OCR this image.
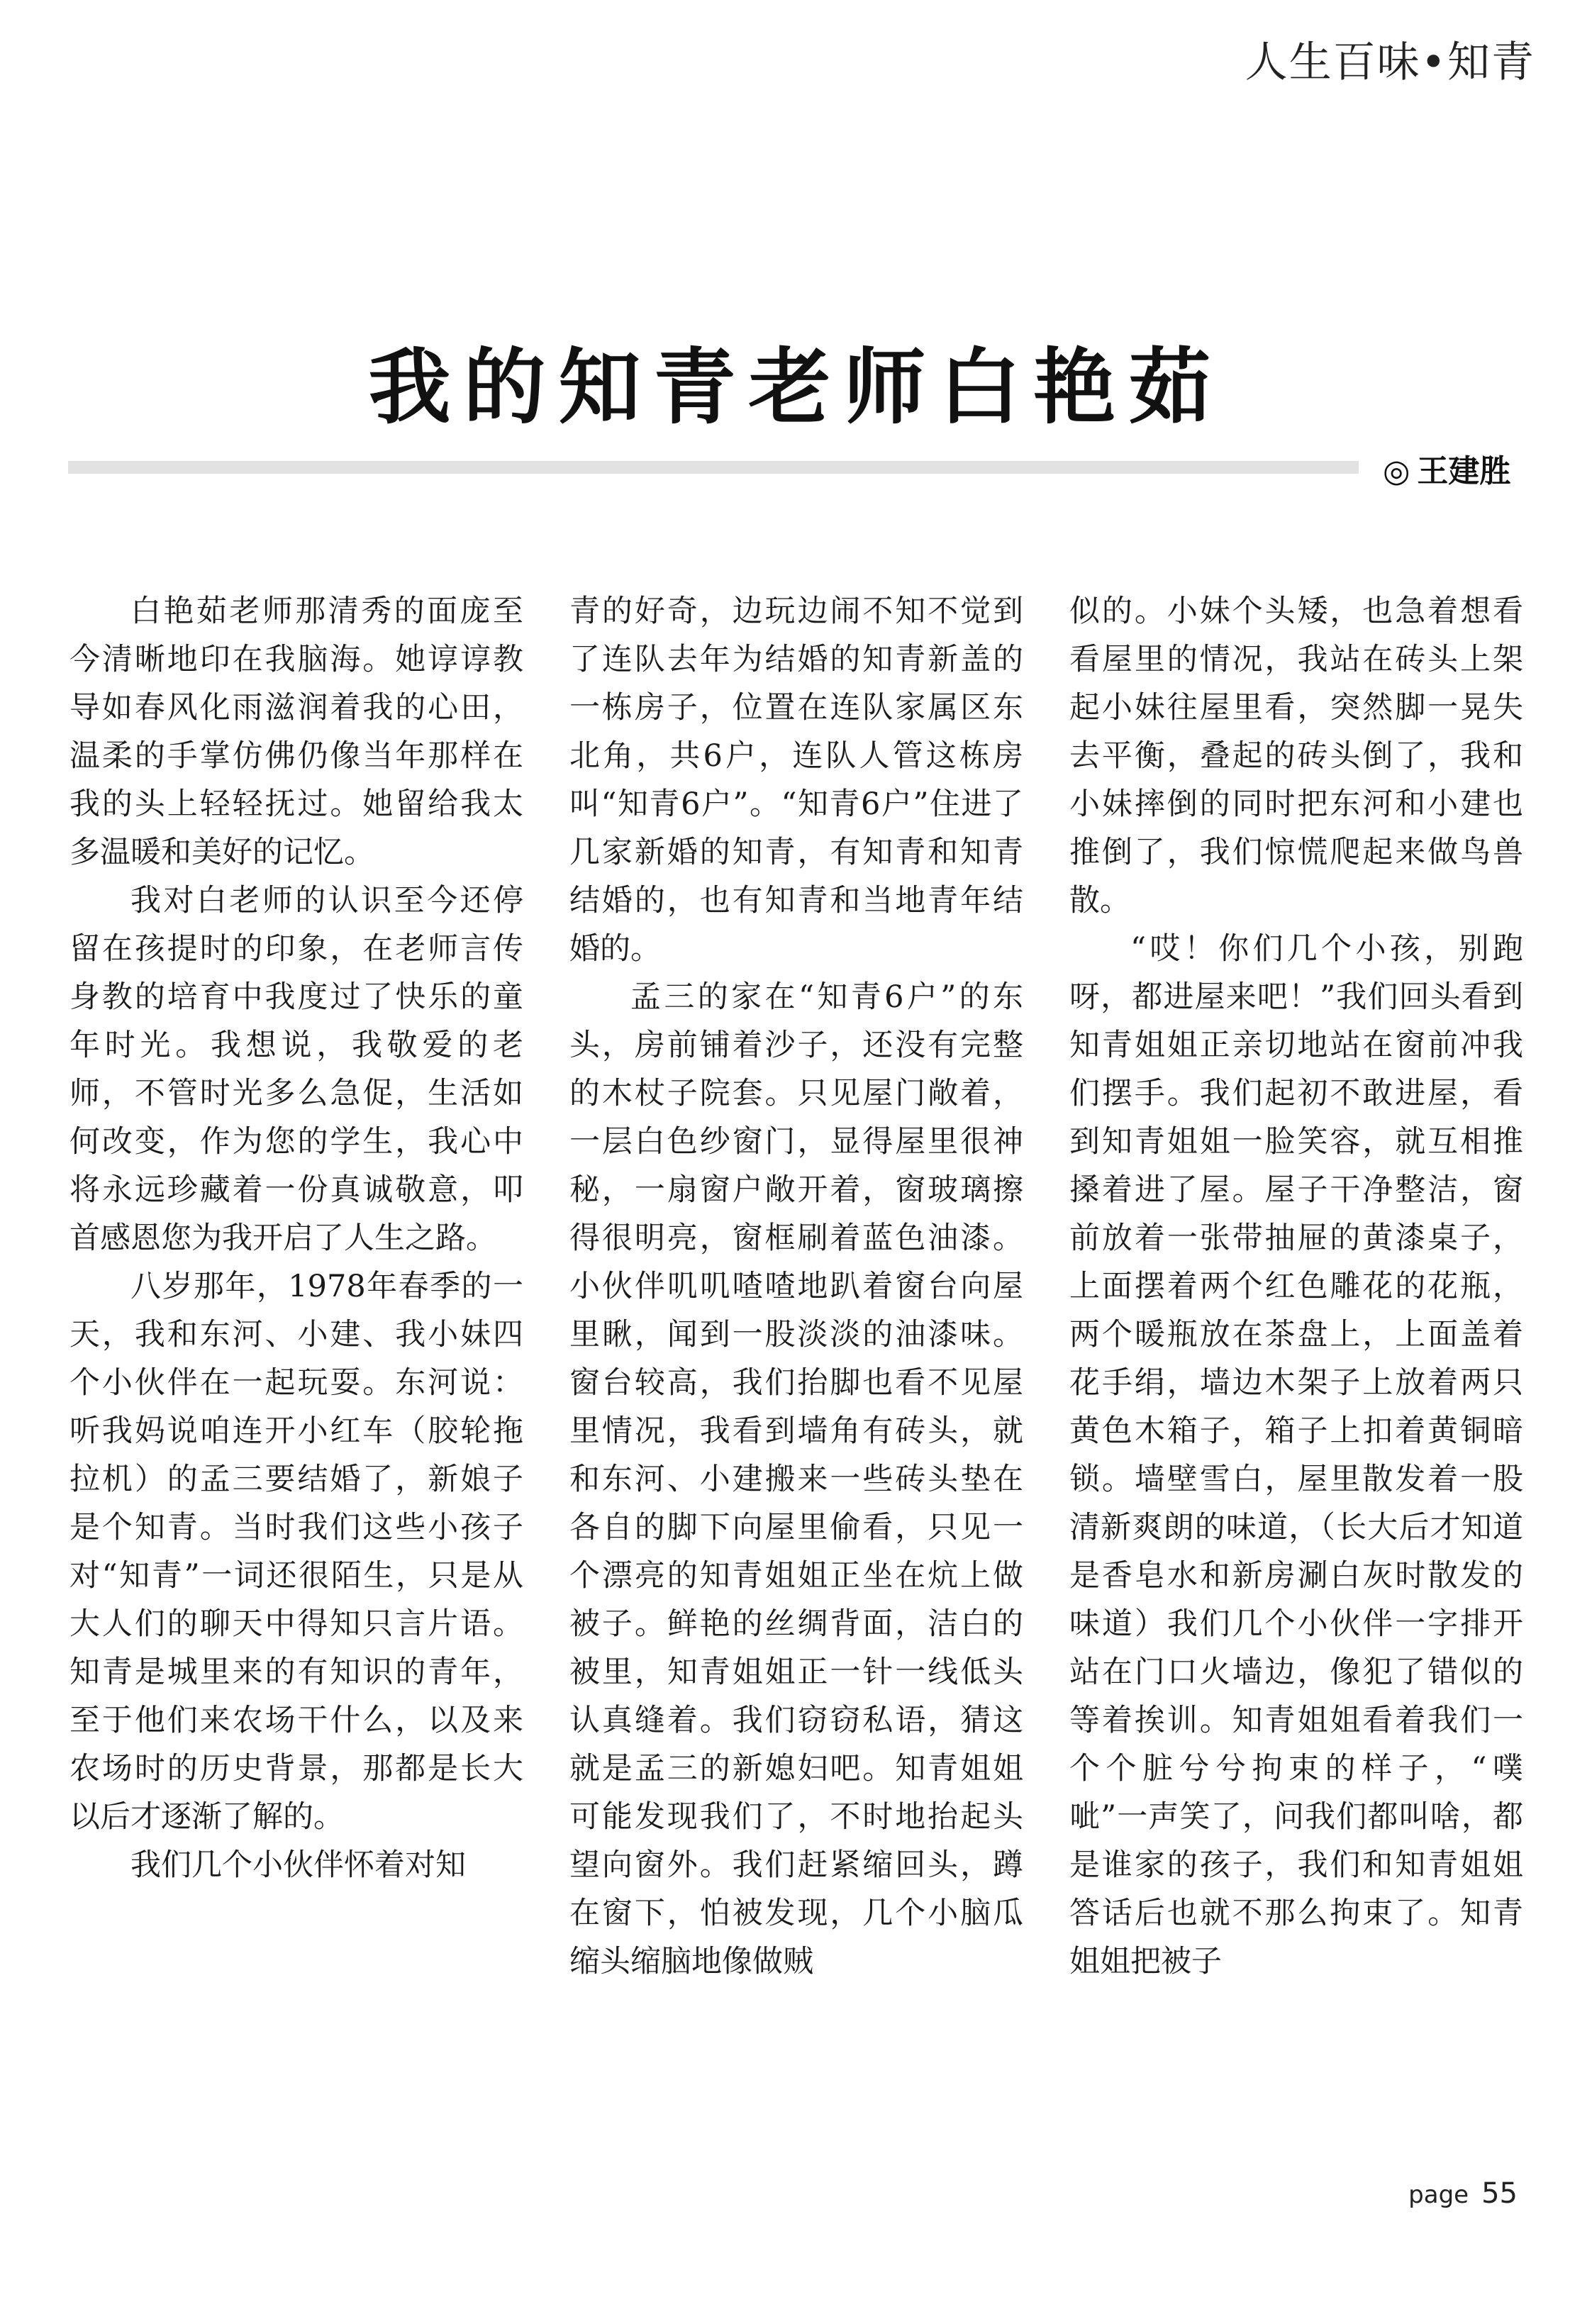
人生百味•知青
我的知青老师白艳茹
◎ 王建胜

白艳茹老师那清秀的面庞至今清晰地印在我脑海。她谆谆教导如春风化雨滋润着我的心田，温柔的手掌仿佛仍像当年那样在我的头上轻轻抚过。她留给我太多温暖和美好的记忆。

我对白老师的认识至今还停留在孩提时的印象，在老师言传身教的培育中我度过了快乐的童年时光。我想说，我敬爱的老师，不管时光多么急促，生活如何改变，作为您的学生，我心中将永远珍藏着一份真诚敬意，叩首感恩您为我开启了人生之路。

八岁那年，1978年春季的一天，我和东河、小建、我小妹四个小伙伴在一起玩耍。东河说：听我妈说咱连开小红车（胶轮拖拉机）的孟三要结婚了，新娘子是个知青。当时我们这些小孩子对“知青”一词还很陌生，只是从大人们的聊天中得知只言片语。知青是城里来的有知识的青年，至于他们来农场干什么，以及来农场时的历史背景，那都是长大以后才逐渐了解的。

我们几个小伙伴怀着对知

青的好奇，边玩边闹不知不觉到了连队去年为结婚的知青新盖的一栋房子，位置在连队家属区东北角，共6户，连队人管这栋房叫“知青6户”。“知青6户”住进了几家新婚的知青，有知青和知青结婚的，也有知青和当地青年结婚的。

孟三的家在“知青6户”的东头，房前铺着沙子，还没有完整的木杖子院套。只见屋门敞着，一层白色纱窗门，显得屋里很神秘，一扇窗户敞开着，窗玻璃擦得很明亮，窗框刷着蓝色油漆。小伙伴叽叽喳喳地趴着窗台向屋里瞅，闻到一股淡淡的油漆味。窗台较高，我们抬脚也看不见屋里情况，我看到墙角有砖头，就和东河、小建搬来一些砖头垫在各自的脚下向屋里偷看，只见一个漂亮的知青姐姐正坐在炕上做被子。鲜艳的丝绸背面，洁白的被里，知青姐姐正一针一线低头认真缝着。我们窃窃私语，猜这就是孟三的新媳妇吧。知青姐姐可能发现我们了，不时地抬起头望向窗外。我们赶紧缩回头，蹲在窗下，怕被发现，几个小脑瓜缩头缩脑地像做贼

似的。小妹个头矮，也急着想看看屋里的情况，我站在砖头上架起小妹往屋里看，突然脚一晃失去平衡，叠起的砖头倒了，我和小妹摔倒的同时把东河和小建也推倒了，我们惊慌爬起来做鸟兽散。

“哎！你们几个小孩，别跑呀，都进屋来吧！”我们回头看到知青姐姐正亲切地站在窗前冲我们摆手。我们起初不敢进屋，看到知青姐姐一脸笑容，就互相推搡着进了屋。屋子干净整洁，窗前放着一张带抽屉的黄漆桌子，上面摆着两个红色雕花的花瓶，两个暖瓶放在茶盘上，上面盖着花手绢，墙边木架子上放着两只黄色木箱子，箱子上扣着黄铜暗锁。墙壁雪白，屋里散发着一股清新爽朗的味道，（长大后才知道是香皂水和新房涮白灰时散发的味道）我们几个小伙伴一字排开站在门口火墙边，像犯了错似的等着挨训。知青姐姐看着我们一个个脏兮兮拘束的样子，“噗呲”一声笑了，问我们都叫啥，都是谁家的孩子，我们和知青姐姐答话后也就不那么拘束了。知青姐姐把被子

page 55
